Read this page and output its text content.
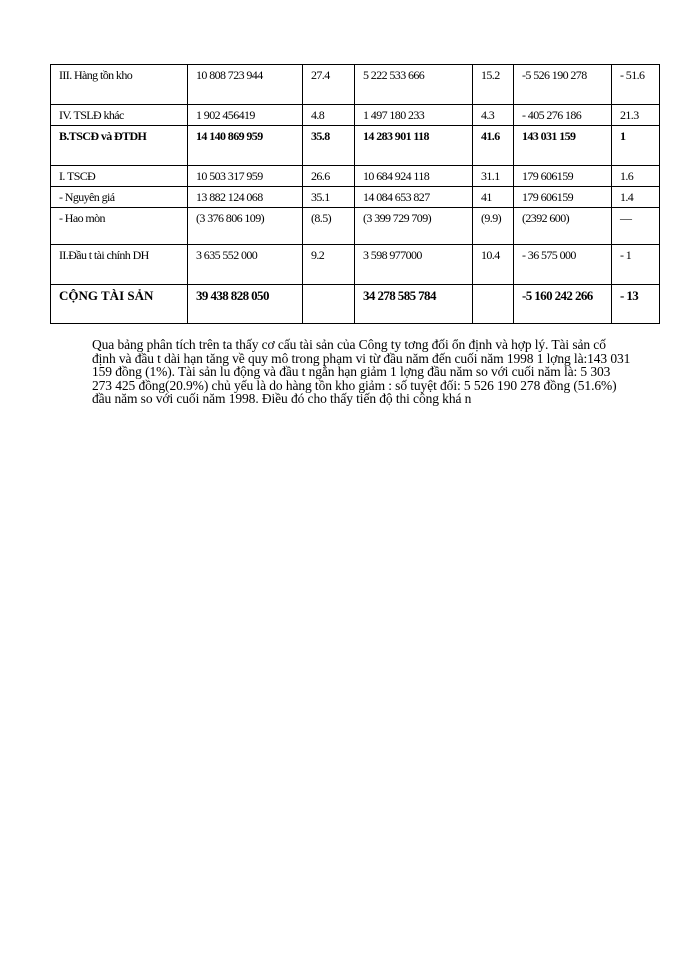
III. Hàng tồn kho	10 808 723 944	27.4	5 222 533 666	15.2	-5 526 190 278	- 51.6
IV. TSLĐ khác	1 902 456419	4.8	1 497 180 233	4.3	- 405 276 186	21.3
B.TSCĐ và ĐTDH	14 140 869 959	35.8	14 283 901 118	41.6	143 031 159	1
I. TSCĐ	10 503 317 959	26.6	10 684 924 118	31.1	179 606159	1.6
- Nguyên giá	13 882 124 068	35.1	14 084 653 827	41	179 606159	1.4
- Hao mòn	(3 376 806 109)	(8.5)	(3 399 729 709)	(9.9)	(2392 600)	—
II.Đầu t tài chính DH	3 635 552 000	9.2	3 598 977000	10.4	- 36 575 000	- 1
CỘNG TÀI SẢN	39 438 828 050		34 278 585 784		-5 160 242 266	- 13

Qua bảng phân tích trên ta thấy cơ cấu tài sản của Công ty tơng đối ổn định và hợp lý. Tài sản cố định và đầu t dài hạn tăng về quy mô trong phạm vi từ đầu năm đến cuối năm 1998 1 lợng là:143 031 159 đồng (1%). Tài sản lu động và đầu t ngắn hạn giảm 1 lợng đầu năm so với cuối năm là: 5 303 273 425 đồng(20.9%) chủ yếu là do hàng tồn kho giảm : số tuyệt đối: 5 526 190 278 đồng (51.6%) đầu năm so với cuối năm 1998. Điều đó cho thấy tiến độ thi công khá n
